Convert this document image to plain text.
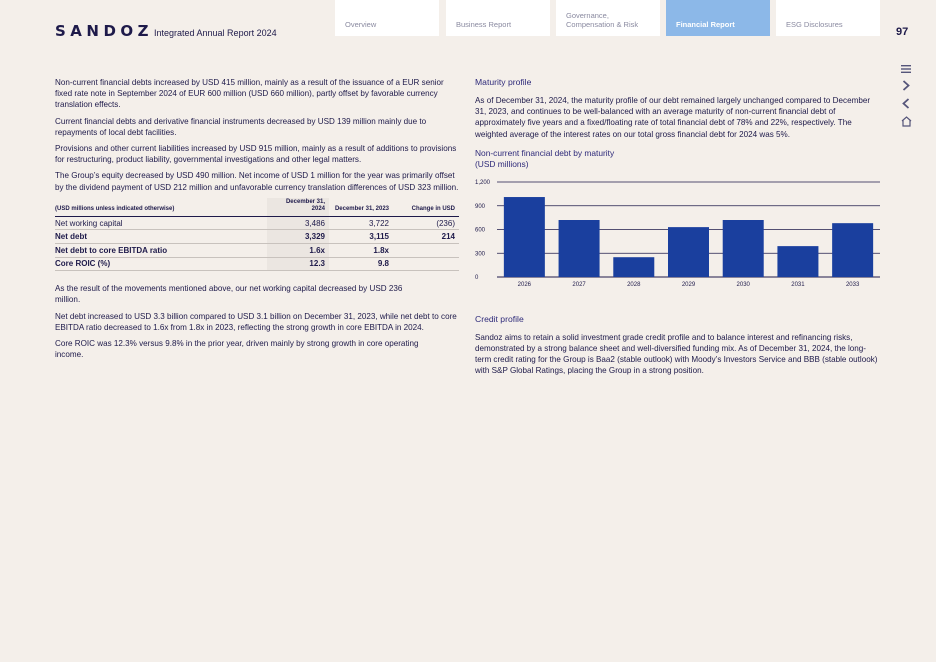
SANDOZ Integrated Annual Report 2024
Overview	Business Report
Governance, Compensation & Risk	Financial Report	ESG Disclosures
97

Non-current financial debts increased by USD 415 million, mainly as a result of the issuance of a EUR senior fixed rate note in September 2024 of EUR 600 million (USD 660 million), partly offset by favorable currency translation effects.

Current financial debts and derivative financial instruments decreased by USD 139 million mainly due to repayments of local debt facilities.

Provisions and other current liabilities increased by USD 915 million, mainly as a result of additions to provisions for restructuring, product liability, governmental investigations and other legal matters.

The Group’s equity decreased by USD 490 million. Net income of USD 1 million for the year was primarily offset by the dividend payment of USD 212 million and unfavorable currency translation differences of USD 323 million.

(USD millions unless indicated otherwise)	December 31, 2024	December 31, 2023	Change in USD
Net working capital	3,486	3,722	(236)
Net debt	3,329	3,115	214
Net debt to core EBITDA ratio	1.6x	1.8x	
Core ROIC (%)	12.3	9.8	

As the result of the movements mentioned above, our net working capital decreased by USD 236 million.

Net debt increased to USD 3.3 billion compared to USD 3.1 billion on December 31, 2023, while net debt to core EBITDA ratio decreased to 1.6x from 1.8x in 2023, reflecting the strong growth in core EBITDA in 2024.

Core ROIC was 12.3% versus 9.8% in the prior year, driven mainly by strong growth in core operating income.

Maturity profile

As of December 31, 2024, the maturity profile of our debt remained largely unchanged compared to December 31, 2023, and continues to be well-balanced with an average maturity of non-current financial debt of approximately five years and a fixed/floating rate of total financial debt of 78% and 22%, respectively. The weighted average of the interest rates on our total gross financial debt for 2024 was 5%.

Non-current financial debt by maturity
(USD millions)
0
300
600
900
1,200
2026	2027	2028	2029	2030	2031	2033
Credit profile

Sandoz aims to retain a solid investment grade credit profile and to balance interest and refinancing risks, demonstrated by a strong balance sheet and well-diversified funding mix. As of December 31, 2024, the long-term credit rating for the Group is Baa2 (stable outlook) with Moody’s Investors Service and BBB (stable outlook) with S&P Global Ratings, placing the Group in a strong position.
